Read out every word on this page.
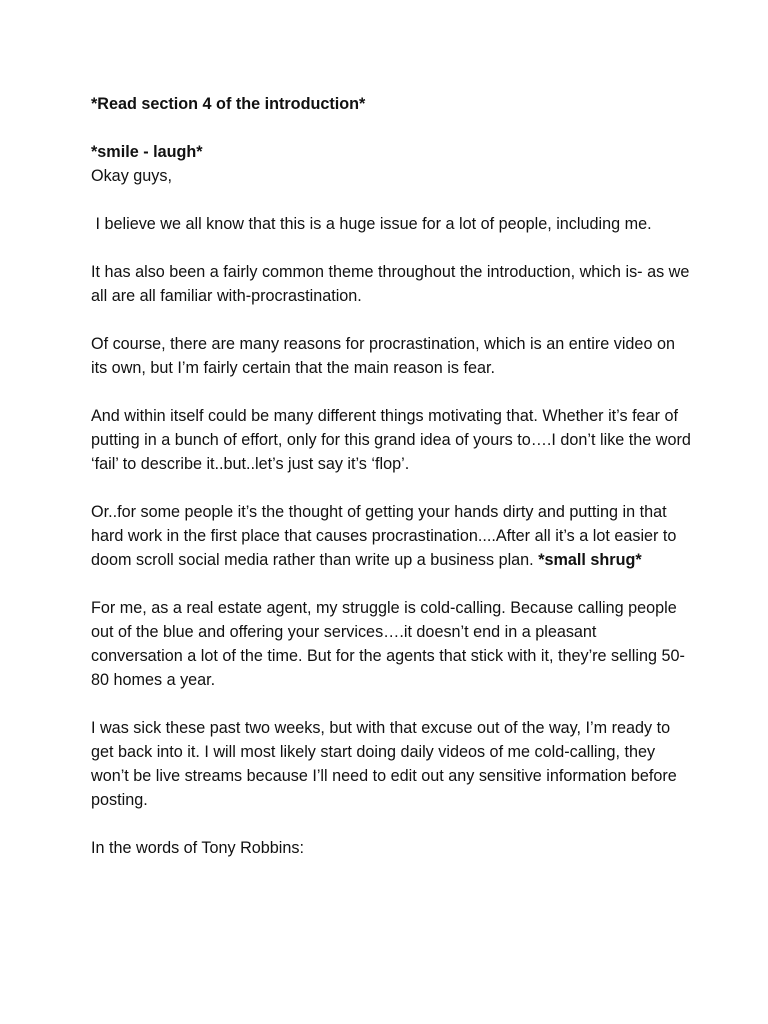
*Read section 4 of the introduction*

*smile - laugh*

Okay guys,

I believe we all know that this is a huge issue for a lot of people, including me.

It has also been a fairly common theme throughout the introduction, which is- as we all are all familiar with-procrastination.

Of course, there are many reasons for procrastination, which is an entire video on its own, but I’m fairly certain that the main reason is fear.

And within itself could be many different things motivating that. Whether it’s fear of putting in a bunch of effort, only for this grand idea of yours to….I don’t like the word ‘fail’ to describe it..but..let’s just say it’s ‘flop’.

Or..for some people it’s the thought of getting your hands dirty and putting in that hard work in the first place that causes procrastination....After all it’s a lot easier to doom scroll social media rather than write up a business plan. *small shrug*

For me, as a real estate agent, my struggle is cold-calling. Because calling people out of the blue and offering your services….it doesn’t end in a pleasant conversation a lot of the time. But for the agents that stick with it, they’re selling 50-80 homes a year.

I was sick these past two weeks, but with that excuse out of the way, I’m ready to get back into it. I will most likely start doing daily videos of me cold-calling, they won’t be live streams because I’ll need to edit out any sensitive information before posting.

In the words of Tony Robbins:
